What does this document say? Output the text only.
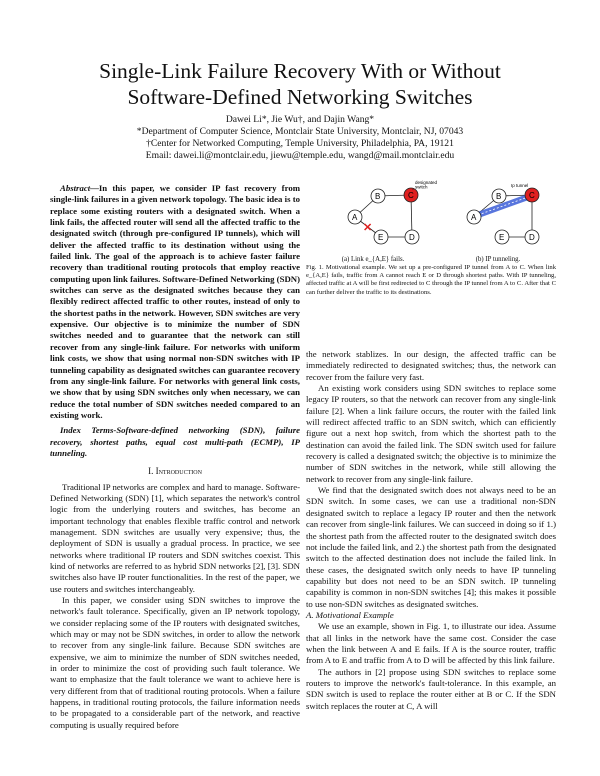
Single-Link Failure Recovery With or Without
Software-Defined Networking Switches
Dawei Li*, Jie Wu†, and Dajin Wang*
*Department of Computer Science, Montclair State University, Montclair, NJ, 07043
†Center for Networked Computing, Temple University, Philadelphia, PA, 19121
Email: dawei.li@montclair.edu, jiewu@temple.edu, wangd@mail.montclair.edu

Abstract—In this paper, we consider IP fast recovery from single-link failures in a given network topology. The basic idea is to replace some existing routers with a designated switch. When a link fails, the affected router will send all the affected traffic to the designated switch (through pre-configured IP tunnels), which will deliver the affected traffic to its destination without using the failed link. The goal of the approach is to achieve faster failure recovery than traditional routing protocols that employ reactive computing upon link failures. Software-Defined Networking (SDN) switches can serve as the designated switches because they can flexibly redirect affected traffic to other routes, instead of only to the shortest paths in the network. However, SDN switches are very expensive. Our objective is to minimize the number of SDN switches needed and to guarantee that the network can still recover from any single-link failure. For networks with uniform link costs, we show that using normal non-SDN switches with IP tunneling capability as designated switches can guarantee recovery from any single-link failure. For networks with general link costs, we show that by using SDN switches only when necessary, we can reduce the total number of SDN switches needed compared to an existing work.

Index Terms-Software-defined networking (SDN), failure recovery, shortest paths, equal cost multi-path (ECMP), IP tunneling.

I. Introduction

Traditional IP networks are complex and hard to manage. Software-Defined Networking (SDN) [1], which separates the network's control logic from the underlying routers and switches, has become an important technology that enables flexible traffic control and network management. SDN switches are usually very expensive; thus, the deployment of SDN is usually a gradual process. In practice, we see networks where traditional IP routers and SDN switches coexist. This kind of networks are referred to as hybrid SDN networks [2], [3]. SDN switches also have IP router functionalities. In the rest of the paper, we use routers and switches interchangeably.

In this paper, we consider using SDN switches to improve the network's fault tolerance. Specifically, given an IP network topology, we consider replacing some of the IP routers with designated switches, which may or may not be SDN switches, in order to allow the network to recover from any single-link failure. Because SDN switches are expensive, we aim to minimize the number of SDN switches needed, in order to minimize the cost of providing such fault tolerance. We want to emphasize that the fault tolerance we want to achieve here is very different from that of traditional routing protocols. When a failure happens, in traditional routing protocols, the failure information needs to be propagated to a considerable part of the network, and reactive computing is usually required before

✕
A
B	C
E	D
designated
switch
A
B	C
E	D
Ip tunnel
(a) Link e_{A,E} fails.	(b) IP tunneling.
Fig. 1. Motivational example. We set up a pre-configured IP tunnel from A to C. When link e_{A,E} fails, traffic from A cannot reach E or D through shortest paths. With IP tunneling, affected traffic at A will be first redirected to C through the IP tunnel from A to C. After that C can further deliver the traffic to its destinations.

the network stablizes. In our design, the affected traffic can be immediately redirected to designated switches; thus, the network can recover from the failure very fast.

An existing work considers using SDN switches to replace some legacy IP routers, so that the network can recover from any single-link failure [2]. When a link failure occurs, the router with the failed link will redirect affected traffic to an SDN switch, which can efficiently figure out a next hop switch, from which the shortest path to the destination can avoid the failed link. The SDN switch used for failure recovery is called a designated switch; the objective is to minimize the number of SDN switches in the network, while still allowing the network to recover from any single-link failure.

We find that the designated switch does not always need to be an SDN switch. In some cases, we can use a traditional non-SDN designated switch to replace a legacy IP router and then the network can recover from single-link failures. We can succeed in doing so if 1.) the shortest path from the affected router to the designated switch does not include the failed link, and 2.) the shortest path from the designated switch to the affected destination does not include the failed link. In these cases, the designated switch only needs to have IP tunneling capability but does not need to be an SDN switch. IP tunneling capability is common in non-SDN switches [4]; this makes it possible to use non-SDN switches as designated switches.

A. Motivational Example

We use an example, shown in Fig. 1, to illustrate our idea. Assume that all links in the network have the same cost. Consider the case when the link between A and E fails. If A is the source router, traffic from A to E and traffic from A to D will be affected by this link failure.

The authors in [2] propose using SDN switches to replace some routers to improve the network's fault-tolerance. In this example, an SDN switch is used to replace the router either at B or C. If the SDN switch replaces the router at C, A will
